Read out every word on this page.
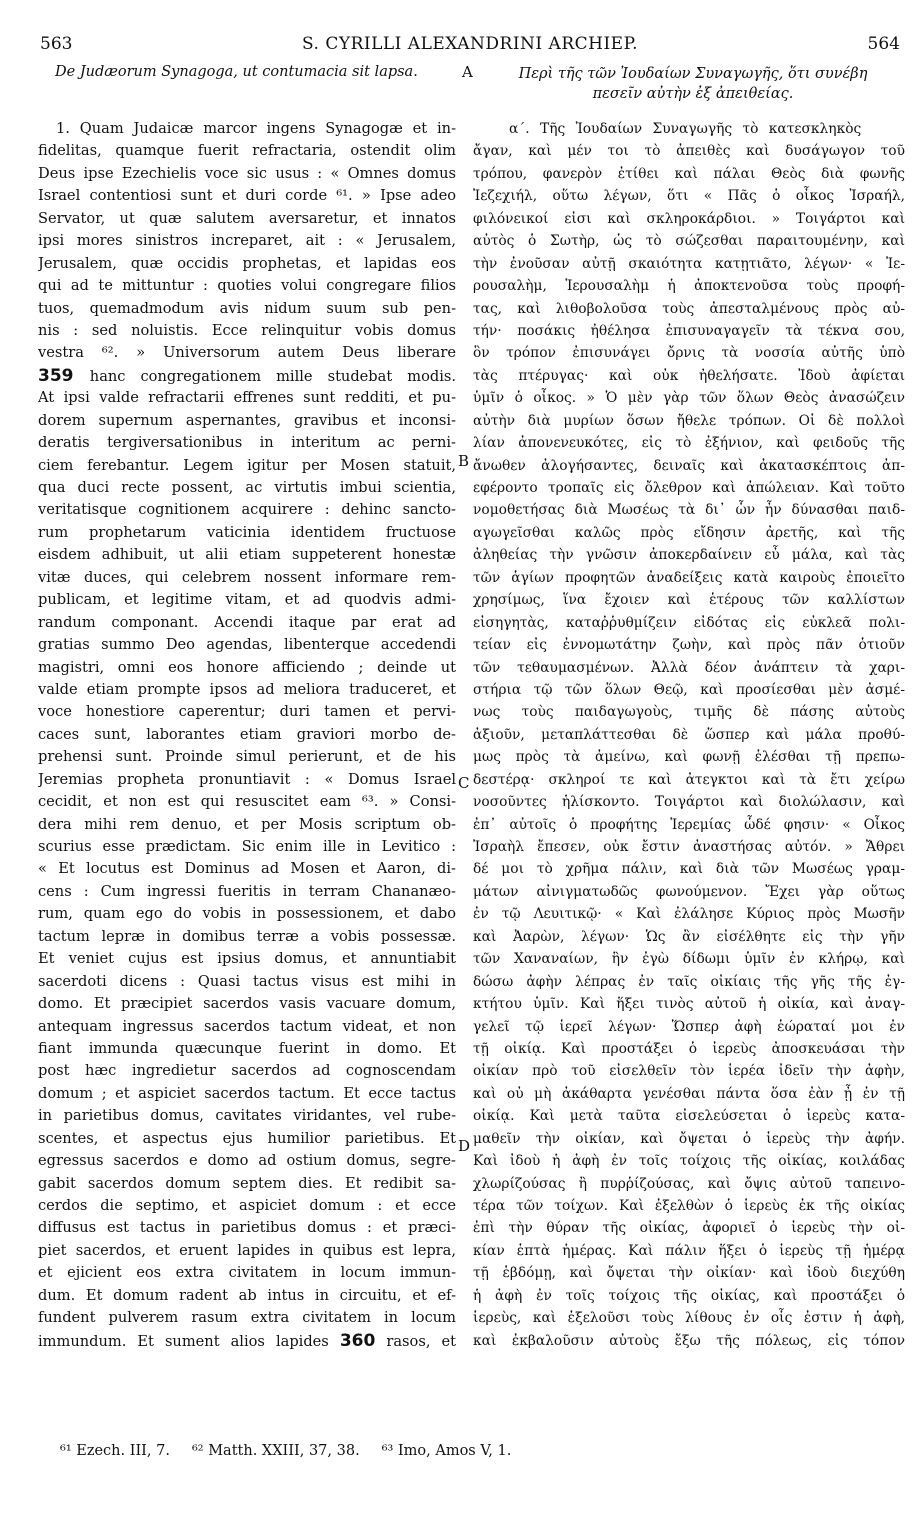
563	S. CYRILLI ALEXANDRINI ARCHIEP.	564
De Judæorum Synagoga, ut contumacia sit lapsa.	A	Περὶ τῆς τῶν Ἰουδαίων Συναγωγῆς, ὅτι συνέβη
πεσεῖν αὐτὴν ἐξ ἀπειθείας.
1. Quam Judaicæ marcor ingens Synagogæ et in-
fidelitas, quamque fuerit refractaria, ostendit olim
Deus ipse Ezechielis voce sic usus : « Omnes domus
Israel contentiosi sunt et duri corde ⁶¹. » Ipse adeo
Servator, ut quæ salutem aversaretur, et innatos
ipsi mores sinistros increparet, ait : « Jerusalem,
Jerusalem, quæ occidis prophetas, et lapidas eos
qui ad te mittuntur : quoties volui congregare filios
tuos, quemadmodum avis nidum suum sub pen-
nis : sed noluistis. Ecce relinquitur vobis domus
vestra ⁶². » Universorum autem Deus liberare
359 hanc congregationem mille studebat modis.
At ipsi valde refractarii effrenes sunt redditi, et pu-
dorem supernum aspernantes, gravibus et inconsi-
deratis tergiversationibus in interitum ac perni-
ciem ferebantur. Legem igitur per Mosen statuit,
qua duci recte possent, ac virtutis imbui scientia,
veritatisque cognitionem acquirere : dehinc sancto-
rum prophetarum vaticinia identidem fructuose
eisdem adhibuit, ut alii etiam suppeterent honestæ
vitæ duces, qui celebrem nossent informare rem-
publicam, et legitime vitam, et ad quodvis admi-
randum componant. Accendi itaque par erat ad
gratias summo Deo agendas, libenterque accedendi
magistri, omni eos honore afficiendo ; deinde ut
valde etiam prompte ipsos ad meliora traduceret, et
voce honestiore caperentur; duri tamen et pervi-
caces sunt, laborantes etiam graviori morbo de-
prehensi sunt. Proinde simul perierunt, et de his
Jeremias propheta pronuntiavit : « Domus Israel
cecidit, et non est qui resuscitet eam ⁶³. » Consi-
dera mihi rem denuo, et per Mosis scriptum ob-
scurius esse prædictam. Sic enim ille in Levitico :
« Et locutus est Dominus ad Mosen et Aaron, di-
cens : Cum ingressi fueritis in terram Chananæo-
rum, quam ego do vobis in possessionem, et dabo
tactum lepræ in domibus terræ a vobis possessæ.
Et veniet cujus est ipsius domus, et annuntiabit
sacerdoti dicens : Quasi tactus visus est mihi in
domo. Et præcipiet sacerdos vasis vacuare domum,
antequam ingressus sacerdos tactum videat, et non
fiant immunda quæcunque fuerint in domo. Et
post hæc ingredietur sacerdos ad cognoscendam
domum ; et aspiciet sacerdos tactum. Et ecce tactus
in parietibus domus, cavitates viridantes, vel rube-
scentes, et aspectus ejus humilior parietibus. Et
egressus sacerdos e domo ad ostium domus, segre-
gabit sacerdos domum septem dies. Et redibit sa-
cerdos die septimo, et aspiciet domum : et ecce
diffusus est tactus in parietibus domus : et præci-
piet sacerdos, et eruent lapides in quibus est lepra,
et ejicient eos extra civitatem in locum immun-
dum. Et domum radent ab intus in circuitu, et ef-
fundent pulverem rasum extra civitatem in locum
immundum. Et sument alios lapides 360 rasos, et
α΄. Τῆς Ἰουδαίων Συναγωγῆς τὸ κατεσκληκὸς
ἄγαν, καὶ μέν τοι τὸ ἀπειθὲς καὶ δυσάγωγον τοῦ
τρόπου, φανερὸν ἐτίθει καὶ πάλαι Θεὸς διὰ φωνῆς
Ἰεζεχιήλ, οὕτω λέγων, ὅτι « Πᾶς ὁ οἶκος Ἰσραήλ,
φιλόνεικοί εἰσι καὶ σκληροκάρδιοι. » Τοιγάρτοι καὶ
αὐτὸς ὁ Σωτὴρ, ὡς τὸ σώζεσθαι παραιτουμένην, καὶ
τὴν ἐνοῦσαν αὐτῇ σκαιότητα κατῃτιᾶτο, λέγων· « Ἰε-
ρουσαλὴμ, Ἱερουσαλὴμ ἡ ἀποκτενοῦσα τοὺς προφή-
τας, καὶ λιθοβολοῦσα τοὺς ἀπεσταλμένους πρὸς αὐ-
τήν· ποσάκις ἠθέλησα ἐπισυναγαγεῖν τὰ τέκνα σου,
ὃν τρόπον ἐπισυνάγει ὄρνις τὰ νοσσία αὐτῆς ὑπὸ
τὰς πτέρυγας· καὶ οὐκ ἠθελήσατε. Ἰδοὺ ἀφίεται
ὑμῖν ὁ οἶκος. » Ὁ μὲν γὰρ τῶν ὅλων Θεὸς ἀνασώζειν
αὐτὴν διὰ μυρίων ὅσων ἤθελε τρόπων. Οἱ δὲ πολλοὶ
λίαν ἀπονενευκότες, εἰς τὸ ἐξήνιον, καὶ φειδοῦς τῆς
ἄνωθεν ἀλογήσαντες, δειναῖς καὶ ἀκατασκέπτοις ἀπ-
εφέροντο τροπαῖς εἰς ὄλεθρον καὶ ἀπώλειαν. Καὶ τοῦτο
νομοθετήσας διὰ Μωσέως τὰ δι᾽ ὧν ἦν δύνασθαι παιδ-
αγωγεῖσθαι καλῶς πρὸς εἴδησιν ἀρετῆς, καὶ τῆς
ἀληθείας τὴν γνῶσιν ἀποκερδαίνειν εὖ μάλα, καὶ τὰς
τῶν ἁγίων προφητῶν ἀναδείξεις κατὰ καιροὺς ἐποιεῖτο
χρησίμως, ἵνα ἔχοιεν καὶ ἑτέρους τῶν καλλίστων
εἰσηγητὰς, καταῤῥυθμίζειν εἰδότας εἰς εὐκλεᾶ πολι-
τείαν εἰς ἐννομωτάτην ζωὴν, καὶ πρὸς πᾶν ὁτιοῦν
τῶν τεθαυμασμένων. Ἀλλὰ δέον ἀνάπτειν τὰ χαρι-
στήρια τῷ τῶν ὅλων Θεῷ, καὶ προσίεσθαι μὲν ἀσμέ-
νως τοὺς παιδαγωγοὺς, τιμῆς δὲ πάσης αὐτοὺς
ἀξιοῦν, μεταπλάττεσθαι δὲ ὥσπερ καὶ μάλα προθύ-
μως πρὸς τὰ ἀμείνω, καὶ φωνῇ ἑλέσθαι τῇ πρεπω-
δεστέρᾳ· σκληροί τε καὶ ἀτεγκτοι καὶ τὰ ἔτι χείρω
νοσοῦντες ἡλίσκοντο. Τοιγάρτοι καὶ διολώλασιν, καὶ
ἐπ᾽ αὐτοῖς ὁ προφήτης Ἱερεμίας ὧδέ φησιν· « Οἶκος
Ἰσραὴλ ἔπεσεν, οὐκ ἔστιν ἀναστήσας αὐτόν. » Ἄθρει
δέ μοι τὸ χρῆμα πάλιν, καὶ διὰ τῶν Μωσέως γραμ-
μάτων αἰνιγματωδῶς φωνούμενον. Ἔχει γὰρ οὕτως
ἐν τῷ Λευιτικῷ· « Καὶ ἐλάλησε Κύριος πρὸς Μωσῆν
καὶ Ἀαρὼν, λέγων· Ὡς ἂν εἰσέλθητε εἰς τὴν γῆν
τῶν Χαναναίων, ἣν ἐγὼ δίδωμι ὑμῖν ἐν κλήρῳ, καὶ
δώσω ἀφὴν λέπρας ἐν ταῖς οἰκίαις τῆς γῆς τῆς ἐγ-
κτήτου ὑμῖν. Καὶ ἥξει τινὸς αὐτοῦ ἡ οἰκία, καὶ ἀναγ-
γελεῖ τῷ ἱερεῖ λέγων· Ὥσπερ ἀφὴ ἑώραταί μοι ἐν
τῇ οἰκίᾳ. Καὶ προστάξει ὁ ἱερεὺς ἀποσκευάσαι τὴν
οἰκίαν πρὸ τοῦ εἰσελθεῖν τὸν ἱερέα ἰδεῖν τὴν ἀφὴν,
καὶ οὐ μὴ ἀκάθαρτα γενέσθαι πάντα ὅσα ἐὰν ᾖ ἐν τῇ
οἰκίᾳ. Καὶ μετὰ ταῦτα εἰσελεύσεται ὁ ἱερεὺς κατα-
μαθεῖν τὴν οἰκίαν, καὶ ὄψεται ὁ ἱερεὺς τὴν ἀφήν.
Καὶ ἰδοὺ ἡ ἀφὴ ἐν τοῖς τοίχοις τῆς οἰκίας, κοιλάδας
χλωρίζούσας ἢ πυρῥίζούσας, καὶ ὄψις αὐτοῦ ταπεινο-
τέρα τῶν τοίχων. Καὶ ἐξελθὼν ὁ ἱερεὺς ἐκ τῆς οἰκίας
ἐπὶ τὴν θύραν τῆς οἰκίας, ἀφοριεῖ ὁ ἱερεὺς τὴν οἰ-
κίαν ἑπτὰ ἡμέρας. Καὶ πάλιν ἥξει ὁ ἱερεὺς τῇ ἡμέρᾳ
τῇ ἑβδόμῃ, καὶ ὄψεται τὴν οἰκίαν· καὶ ἰδοὺ διεχύθη
ἡ ἀφὴ ἐν τοῖς τοίχοις τῆς οἰκίας, καὶ προστάξει ὁ
ἱερεὺς, καὶ ἐξελοῦσι τοὺς λίθους ἐν οἷς ἐστιν ἡ ἀφὴ,
καὶ ἐκβαλοῦσιν αὐτοὺς ἔξω τῆς πόλεως, εἰς τόπον
B
C
D
⁶¹ Ezech. III, 7. ⁶² Matth. XXIII, 37, 38. ⁶³ Imo, Amos V, 1.
